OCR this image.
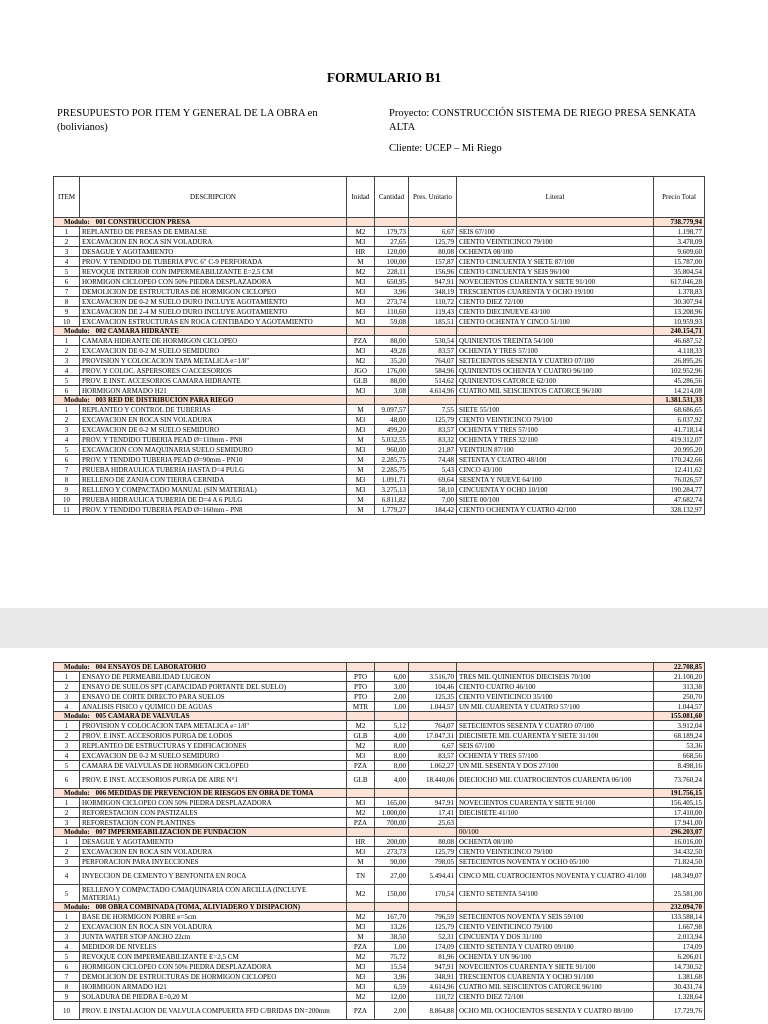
FORMULARIO B1
PRESUPUESTO POR ITEM Y GENERAL DE LA OBRA en (bolivianos)
Proyecto: CONSTRUCCIÓN SISTEMA DE RIEGO PRESA SENKATA ALTA
Cliente: UCEP – Mi Riego
ITEM	DESCRIPCION	Inidad	Cantidad	Pres. Unitario	Literal	Precio Total
Modulo: 001 CONSTRUCCION PRESA						738.779,94
1	REPLANTEO DE PRESAS DE EMBALSE	M2	179,73	6,67	SEIS 67/100	1.198,77
2	EXCAVACION EN ROCA SIN VOLADURA	M3	27,65	125,79	CIENTO VEINTICINCO 79/100	3.478,09
3	DESAGUE Y AGOTAMIENTO	HR	120,00	80,08	OCHENTA 08/100	9.609,60
4	PROV. Y TENDIDO DE TUBERIA PVC 6" C-9 PERFORADA	M	100,00	157,87	CIENTO CINCUENTA Y SIETE 87/100	15.787,00
5	REVOQUE INTERIOR CON IMPERMEABILIZANTE E=2,5 CM	M2	228,11	156,96	CIENTO CINCUENTA Y SEIS 96/100	35.804,54
6	HORMIGON CICLOPEO CON 50% PIEDRA DESPLAZADORA	M3	650,95	947,91	NOVECIENTOS CUARENTA Y SIETE 91/100	617.046,28
7	DEMOLICION DE ESTRUCTURAS DE HORMIGON CICLOPEO	M3	3,96	348,19	TRESCIENTOS CUARENTA Y OCHO 19/100	1.378,83
8	EXCAVACION DE 0-2 M SUELO DURO INCLUYE AGOTAMIENTO	M3	273,74	110,72	CIENTO DIEZ 72/100	30.307,94
9	EXCAVACION DE 2-4 M SUELO DURO INCLUYE AGOTAMIENTO	M3	110,60	119,43	CIENTO DIECINUEVE 43/100	13.208,96
10	EXCAVACION ESTRUCTURAS EN ROCA C/ENTIBADO Y AGOTAMIENTO	M3	59,08	185,51	CIENTO OCHENTA Y CINCO 51/100	10.959,93
Modulo: 002 CAMARA HIDRANTE						240.154,71
1	CAMARA HIDRANTE DE HORMIGON CICLOPEO	PZA	88,00	530,54	QUINIENTOS TREINTA 54/100	46.687,52
2	EXCAVACION DE 0-2 M SUELO SEMIDURO	M3	49,28	83,57	OCHENTA Y TRES 57/100	4.118,33
3	PROVISION Y COLOCACION TAPA METALICA e=1/8"	M2	35,20	764,07	SETECIENTOS SESENTA Y CUATRO 07/100	26.895,26
4	PROV. Y COLOC. ASPERSORES C/ACCESORIOS	JGO	176,00	584,96	QUINIENTOS OCHENTA Y CUATRO 96/100	102.952,96
5	PROV. E INST. ACCESORIOS CAMARA HIDRANTE	GLB	88,00	514,62	QUINIENTOS CATORCE 62/100	45.286,56
6	HORMIGON ARMADO H21	M3	3,08	4.614,96	CUATRO MIL SEISCIENTOS CATORCE 96/100	14.214,08
Modulo: 003 RED DE DISTRIBUCION PARA RIEGO						1.381.531,33
1	REPLANTEO Y CONTROL DE TUBERIAS	M	9.097,57	7,55	SIETE 55/100	68.686,65
2	EXCAVACION EN ROCA SIN VOLADURA	M3	48,00	125,79	CIENTO VEINTICINCO 79/100	6.037,92
3	EXCAVACION DE 0-2 M SUELO SEMIDURO	M3	499,20	83,57	OCHENTA Y TRES 57/100	41.718,14
4	PROV. Y TENDIDO TUBERIA PEAD Ø=110mm - PN8	M	5.032,55	83,32	OCHENTA Y TRES 32/100	419.312,07
5	EXCAVACION CON MAQUINARIA SUELO SEMIDURO	M3	960,00	21,87	VEINTIUN 87/100	20.995,20
6	PROV. Y TENDIDO TUBERIA PEAD Ø=90mm - PN10	M	2.285,75	74,48	SETENTA Y CUATRO 48/100	170.242,66
7	PRUEBA HIDRAULICA TUBERIA HASTA D=4 PULG	M	2.285,75	5,43	CINCO 43/100	12.411,62
8	RELLENO DE ZANJA CON TIERRA CERNIDA	M3	1.091,71	69,64	SESENTA Y NUEVE 64/100	76.026,57
9	RELLENO Y COMPACTADO MANUAL (SIN MATERIAL)	M3	3.275,13	58,10	CINCUENTA Y OCHO 10/100	190.284,77
10	PRUEBA HIDRAULICA TUBERIA DE D=4 A 6 PULG	M	6.811,82	7,00	SIETE 00/100	47.682,74
11	PROV. Y TENDIDO TUBERIA PEAD Ø=160mm - PN8	M	1.779,27	184,42	CIENTO OCHENTA Y CUATRO 42/100	328.132,97
Modulo: 004 ENSAYOS DE LABORATORIO						22.708,85
1	ENSAYO DE PERMEABILIDAD LUGEON	PTO	6,00	3.516,70	TRES MIL QUINIENTOS DIECISEIS 70/100	21.100,20
2	ENSAYO DE SUELOS SPT (CAPACIDAD PORTANTE DEL SUELO)	PTO	3,00	104,46	CIENTO CUATRO 46/100	313,38
3	ENSAYO DE CORTE DIRECTO PARA SUELOS	PTO	2,00	125,35	CIENTO VEINTICINCO 35/100	250,70
4	ANALISIS FISICO y QUIMICO DE AGUAS	MTR	1,00	1.044,57	UN MIL CUARENTA Y CUATRO 57/100	1.044,57
Modulo: 005 CAMARA DE VALVULAS						155.081,60
1	PROVISION Y COLOCACION TAPA METALICA e=1/8"	M2	5,12	764,07	SETECIENTOS SESENTA Y CUATRO 07/100	3.912,04
2	PROV. E INST. ACCESORIOS PURGA DE LODOS	GLB	4,00	17.047,31	DIECISIETE MIL CUARENTA Y SIETE 31/100	68.189,24
3	REPLANTEO DE ESTRUCTURAS Y EDIFICACIONES	M2	8,00	6,67	SEIS 67/100	53,36
4	EXCAVACION DE 0-2 M SUELO SEMIDURO	M3	8,00	83,57	OCHENTA Y TRES 57/100	668,56
5	CAMARA DE VALVULAS DE HORMIGON CICLOPEO	PZA	8,00	1.062,27	UN MIL SESENTA Y DOS 27/100	8.498,16
6	PROV. E INST. ACCESORIOS PURGA DE AIRE N°1	GLB	4,00	18.440,06	DIECIOCHO MIL CUATROCIENTOS CUARENTA 06/100	73.760,24
Modulo: 006 MEDIDAS DE PREVENCION DE RIESGOS EN OBRA DE TOMA						191.756,15
1	HORMIGON CICLOPEO CON 50% PIEDRA DESPLAZADORA	M3	165,00	947,91	NOVECIENTOS CUARENTA Y SIETE 91/100	156.405,15
2	REFORESTACION CON PASTIZALES	M2	1.000,00	17,41	DIECISIETE 41/100	17.410,00
3	REFORESTACION CON PLANTINES	PZA	700,00	25,63		17.941,00
Modulo: 007 IMPERMEABILIZACION DE FUNDACION					00/100	296.203,07
1	DESAGUE Y AGOTAMIENTO	HR	200,00	80,08	OCHENTA 08/100	16.016,00
2	EXCAVACION EN ROCA SIN VOLADURA	M3	273,73	125,79	CIENTO VEINTICINCO 79/100	34.432,50
3	PERFORACION PARA INYECCIONES	M	90,00	798,05	SETECIENTOS NOVENTA Y OCHO 05/100	71.824,50
4	INYECCION DE CEMENTO Y BENTONITA EN ROCA	TN	27,00	5.494,41	CINCO MIL CUATROCIENTOS NOVENTA Y CUATRO 41/100	148.349,07
5	RELLENO Y COMPACTADO C/MAQUINARIA CON ARCILLA (INCLUYE MATERIAL)	M2	150,00	170,54	CIENTO SETENTA 54/100	25.581,00
Modulo: 008 OBRA COMBINADA (TOMA, ALIVIADERO Y DISIPACION)						232.094,70
1	BASE DE HORMIGON POBRE e=5cm	M2	167,70	796,59	SETECIENTOS NOVENTA Y SEIS 59/100	133.588,14
2	EXCAVACION EN ROCA SIN VOLADURA	M3	13,26	125,79	CIENTO VEINTICINCO 79/100	1.667,98
3	JUNTA WATER STOP ANCHO 22cm	M	38,50	52,31	CINCUENTA Y DOS 31/100	2.013,94
4	MEDIDOR DE NIVELES	PZA	1,00	174,09	CIENTO SETENTA Y CUATRO 09/100	174,09
5	REVOQUE CON IMPERMEABILIZANTE E=2,5 CM	M2	75,72	81,96	OCHENTA Y UN 96/100	6.206,01
6	HORMIGON CICLOPEO CON 50% PIEDRA DESPLAZADORA	M3	15,54	947,91	NOVECIENTOS CUARENTA Y SIETE 91/100	14.730,52
7	DEMOLICION DE ESTRUCTURAS DE HORMIGON CICLOPEO	M3	3,96	348,91	TRESCIENTOS CUARENTA Y OCHO 91/100	1.381,68
8	HORMIGON ARMADO H21	M3	6,59	4.614,96	CUATRO MIL SEISCIENTOS CATORCE 96/100	30.431,74
9	SOLADURA DE PIEDRA E=0,20 M	M2	12,00	110,72	CIENTO DIEZ 72/100	1.328,64
10	PROV. E INSTALACION DE VALVULA COMPUERTA FFD C/BRIDAS DN=200mm	PZA	2,00	8.864,88	OCHO MIL OCHOCIENTOS SESENTA Y CUATRO 88/100	17.729,76
